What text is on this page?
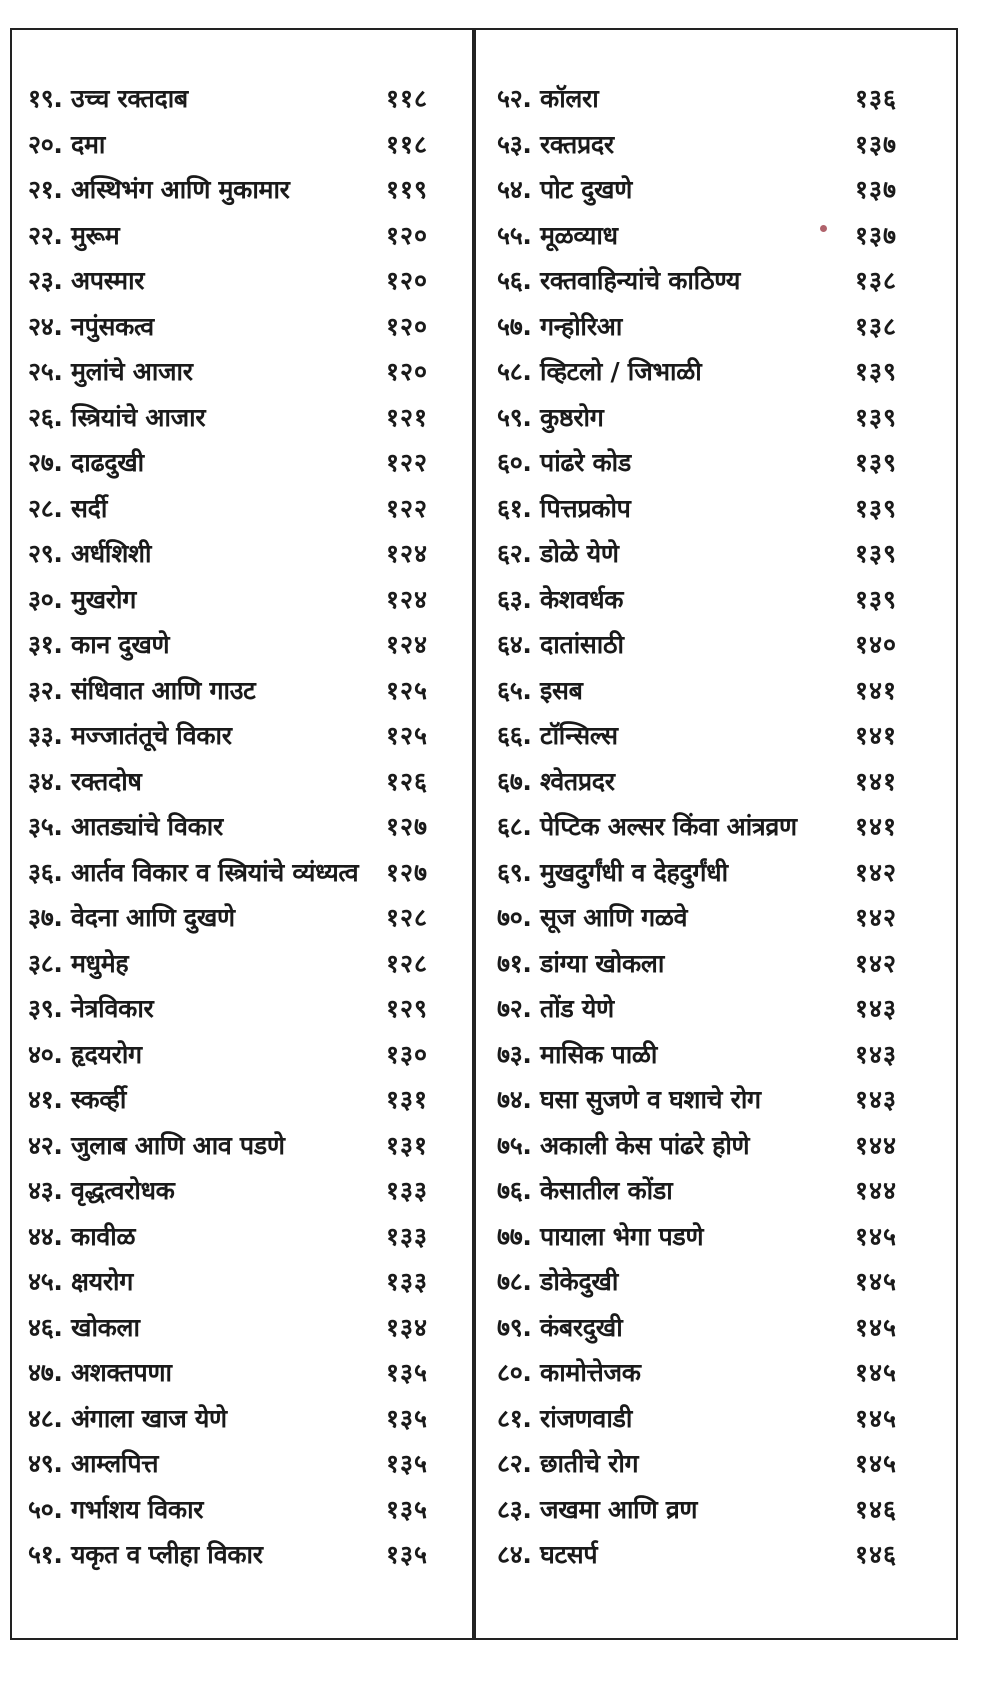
१९. उच्च रक्तदाब	११८
२०. दमा	११८
२१. अस्थिभंग आणि मुकामार	११९
२२. मुरूम	१२०
२३. अपस्मार	१२०
२४. नपुंसकत्व	१२०
२५. मुलांचे आजार	१२०
२६. स्त्रियांचे आजार	१२१
२७. दाढदुखी	१२२
२८. सर्दी	१२२
२९. अर्धशिशी	१२४
३०. मुखरोग	१२४
३१. कान दुखणे	१२४
३२. संधिवात आणि गाउट	१२५
३३. मज्जातंतूचे विकार	१२५
३४. रक्तदोष	१२६
३५. आतड्यांचे विकार	१२७
३६. आर्तव विकार व स्त्रियांचे व्यंध्यत्व १२७
३७. वेदना आणि दुखणे	१२८
३८. मधुमेह	१२८
३९. नेत्रविकार	१२९
४०. हृदयरोग	१३०
४१. स्कर्व्ही	१३१
४२. जुलाब आणि आव पडणे	१३१
४३. वृद्धत्वरोधक	१३३
४४. कावीळ	१३३
४५. क्षयरोग	१३३
४६. खोकला	१३४
४७. अशक्तपणा	१३५
४८. अंगाला खाज येणे	१३५
४९. आम्लपित्त	१३५
५०. गर्भाशय विकार	१३५
५१. यकृत व प्लीहा विकार	१३५
५२. कॉलरा	१३६
५३. रक्तप्रदर	१३७
५४. पोट दुखणे	१३७
५५. मूळव्याध	१३७
५६. रक्तवाहिन्यांचे काठिण्य	१३८
५७. गन्होरिआ	१३८
५८. व्हिटलो / जिभाळी	१३९
५९. कुष्ठरोग	१३९
६०. पांढरे कोड	१३९
६१. पित्तप्रकोप	१३९
६२. डोळे येणे	१३९
६३. केशवर्धक	१३९
६४. दातांसाठी	१४०
६५. इसब	१४१
६६. टॉन्सिल्स	१४१
६७. श्वेतप्रदर	१४१
६८. पेप्टिक अल्सर किंवा आंत्रव्रण १४१
६९. मुखदुर्गंधी व देहदुर्गंधी	१४२
७०. सूज आणि गळवे	१४२
७१. डांग्या खोकला	१४२
७२. तोंड येणे	१४३
७३. मासिक पाळी	१४३
७४. घसा सुजणे व घशाचे रोग	१४३
७५. अकाली केस पांढरे होणे	१४४
७६. केसातील कोंडा	१४४
७७. पायाला भेगा पडणे	१४५
७८. डोकेदुखी	१४५
७९. कंबरदुखी	१४५
८०. कामोत्तेजक	१४५
८१. रांजणवाडी	१४५
८२. छातीचे रोग	१४५
८३. जखमा आणि व्रण	१४६
८४. घटसर्प	१४६
